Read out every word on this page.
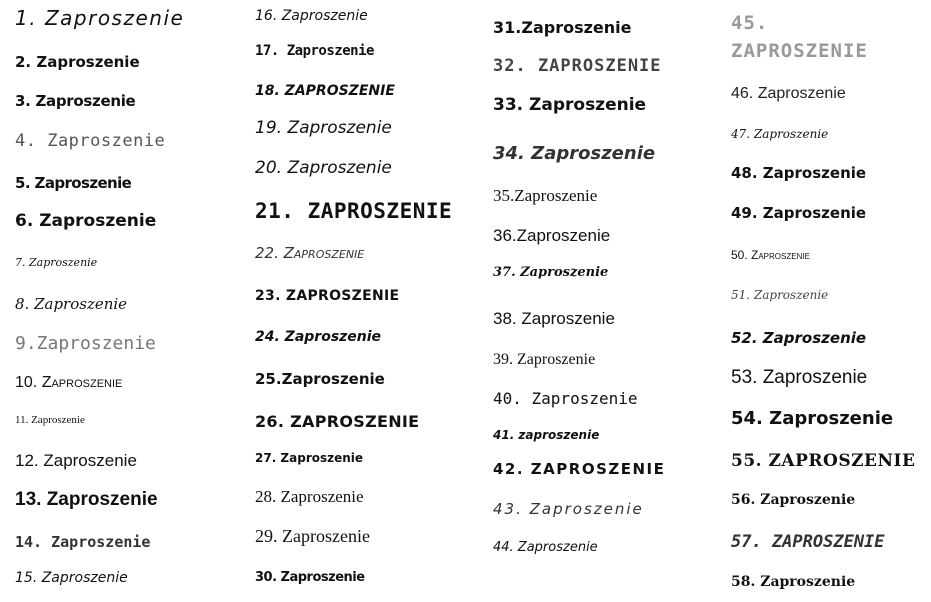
1. Zaproszenie
2. Zaproszenie
3. Zaproszenie
4. Zaproszenie
5. Zaproszenie
6. Zaproszenie
7. Zaproszenie
8. Zaproszenie
9.Zaproszenie
10. Zaproszenie
11. Zaproszenie
12. Zaproszenie
13. Zaproszenie
14. Zaproszenie
15. Zaproszenie
16. Zaproszenie
17. Zaproszenie
18. ZAPROSZENIE
19. Zaproszenie
20. Zaproszenie
21. ZAPROSZENIE
22. Zaproszenie
23. ZAPROSZENIE
24. Zaproszenie
25.Zaproszenie
26. ZAPROSZENIE
27. Zaproszenie
28. Zaproszenie
29. Zaproszenie
30. Zaproszenie
31.Zaproszenie
32. ZAPROSZENIE
33. Zaproszenie
34. Zaproszenie
35.Zaproszenie
36.Zaproszenie
37. Zaproszenie
38. Zaproszenie
39. Zaproszenie
40. Zaproszenie
41. zaproszenie
42. ZAPROSZENIE
43. Zaproszenie
44. Zaproszenie
45. ZAPROSZENIE
46. Zaproszenie
47. Zaproszenie
48. Zaproszenie
49. Zaproszenie
50. Zaproszenie
51. Zaproszenie
52. Zaproszenie
53. Zaproszenie
54. Zaproszenie
55. ZAPROSZENIE
56. Zaproszenie
57. ZAPROSZENIE
58. Zaproszenie
